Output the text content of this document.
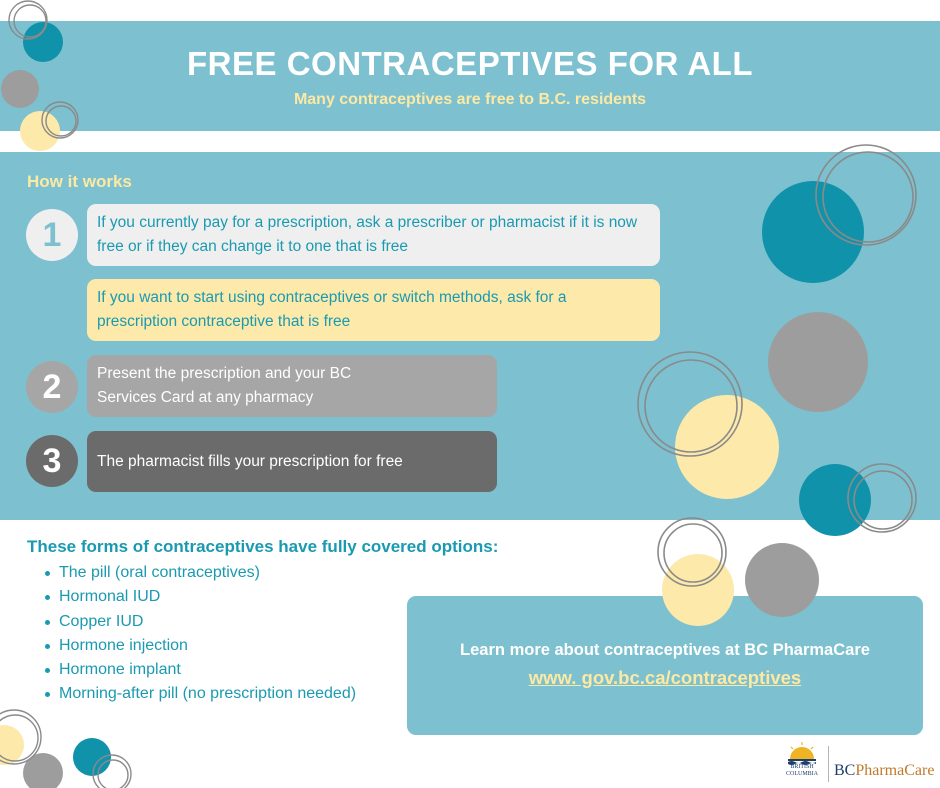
FREE CONTRACEPTIVES FOR ALL
Many contraceptives are free to B.C. residents
How it works
1	If you currently pay for a prescription, ask a prescriber or pharmacist if it is now free or if they can change it to one that is free
If you want to start using contraceptives or switch methods, ask for a prescription contraceptive that is free
2	Present the prescription and your BC Services Card at any pharmacy
3	The pharmacist fills your prescription for free
These forms of contraceptives have fully covered options:
The pill (oral contraceptives)
Hormonal IUD
Copper IUD
Hormone injection
Hormone implant
Morning-after pill (no prescription needed)
Learn more about contraceptives at BC PharmaCare
www. gov.bc.ca/contraceptives
BRITISH
COLUMBIA	BCPharmaCare
